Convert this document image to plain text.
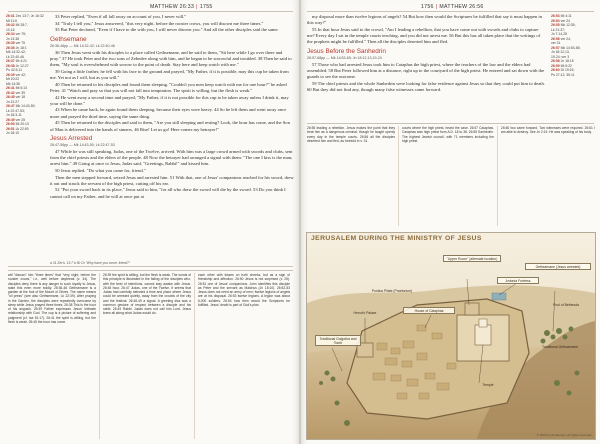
MATTHEW 26:33 | 1755
26:31 Zec 13:7; Jn 16:32
Mt 11:6
26:32 Mt 28:7,
10,16
26:34 ver 75;
Jn 13:38
26:35 ver 75
26:36 Jn 18:1
Mk 14:32-42;
Lk 22:40-46
26:37 Mt 4:21
26:38 Jn 12:27
Ps 42:5,11
26:39 ver 42;
Mt 20:22
Mk 14:36
26:41 Mt 6:13
26:42 ver 39
26:45 ver 18
Jn 12:27
26:47 Mk 14:43-50;
Lk 22:47-53;
Jn 18:3-11
26:49 ver 25
26:50 Mt 20:13
26:51 Lk 22:50
Jn 18:10

33 Peter replied, "Even if all fall away on account of you, I never will."

34 "Truly I tell you," Jesus answered, "this very night, before the rooster crows, you will disown me three times."

35 But Peter declared, "Even if I have to die with you, I will never disown you." And all the other disciples said the same.

Gethsemane
26:36-46pp — Mk 14:32-42; Lk 22:40-46

36 Then Jesus went with his disciples to a place called Gethsemane, and he said to them, "Sit here while I go over there and pray." 37 He took Peter and the two sons of Zebedee along with him, and he began to be sorrowful and troubled. 38 Then he said to them, "My soul is overwhelmed with sorrow to the point of death. Stay here and keep watch with me."

39 Going a little farther, he fell with his face to the ground and prayed, "My Father, if it is possible, may this cup be taken from me. Yet not as I will, but as you will."

40 Then he returned to his disciples and found them sleeping. "Couldn't you men keep watch with me for one hour?" he asked Peter. 41 "Watch and pray so that you will not fall into temptation. The spirit is willing, but the flesh is weak."

42 He went away a second time and prayed, "My Father, if it is not possible for this cup to be taken away unless I drink it, may your will be done."

43 When he came back, he again found them sleeping, because their eyes were heavy. 44 So he left them and went away once more and prayed the third time, saying the same thing.

45 Then he returned to the disciples and said to them, "Are you still sleeping and resting? Look, the hour has come, and the Son of Man is delivered into the hands of sinners. 46 Rise! Let us go! Here comes my betrayer!"

Jesus Arrested
26:47-56pp — Mk 14:43-50; Lk 22:47-53

47 While he was still speaking, Judas, one of the Twelve, arrived. With him was a large crowd armed with swords and clubs, sent from the chief priests and the elders of the people. 48 Now the betrayer had arranged a signal with them: "The one I kiss is the man; arrest him." 49 Going at once to Jesus, Judas said, "Greetings, Rabbi!" and kissed him.

50 Jesus replied, "Do what you came for, friend."

Then the men stepped forward, seized Jesus and arrested him. 51 With that, one of Jesus' companions reached for his sword, drew it out and struck the servant of the high priest, cutting off his ear.

52 "Put your sword back in its place," Jesus said to him, "for all who draw the sword will die by the sword. 53 Do you think I cannot call on my Father, and he will at once put at

a 31 Zech. 13:7 b 50 Or "Why have you come, friend?"
will "disown" him "three times" that "very night, before the rooster crows," i.e., well before daybreak (v. 34). The disciples deny there is any danger to such loyalty to Jesus, state this even more boldly. 26:36-46 Gethsemane is a garden at the foot of the Mount of Olives. The name means "oil press" (see also Gethsemane, Lk 22:39). After praying in the Garden, the disciples were repeatedly overcome by sleep while Jesus prayed three times. 26:38 This is the hour of his anguish. 26:39 Father expresses Jesus' intimate relationship with God. The cup is a picture of suffering and judgment (cf. Isa 51:17). 26:41 the spirit is willing, but the flesh is weak. 26:45 the hour has come.
26:39 the spirit is willing, but the flesh is weak. The words of this principle is illustrated in the failing of the disciples who, with the best of intentions, cannot stay awake with Jesus. 26:45 hour. 26:47 Judas, one of the Twelve. It seems that Judas had carefully selected a time and place where Jesus could be arrested quietly, away from the crowds of the city and the festival. 26:48-49 a signal. A greeting kiss was a common gesture of respect between a disciple and his rabbi. 26:49 Rabbi. Judas does not call him Lord. Jesus knew all along what Judas would do.
each other with kisses on both cheeks, but as a sign of friendship and affection. 26:50 Jesus is not surprised (v. 25). 26:51 one of Jesus' companions. John identifies this disciple as Peter and the servant as Malchus (Jn 18:10). 26:52-53 Jesus does not need an army of men; twelve legions of angels are at his disposal. 26:53 twelve legions. A legion was about 6,000 soldiers. 26:54 how then would the Scriptures be fulfilled. Jesus' death is part of God's plan.
1756 | MATTHEW 26:56

my disposal more than twelve legions of angels? 54 But how then would the Scriptures be fulfilled that say it must happen in this way?"

55 In that hour Jesus said to the crowd, "Am I leading a rebellion, that you have come out with swords and clubs to capture me? Every day I sat in the temple courts teaching, and you did not arrest me. 56 But this has all taken place that the writings of the prophets might be fulfilled." Then all the disciples deserted him and fled.

Jesus Before the Sanhedrin
26:57-68pp — Mk 14:53-65; Jn 18:12,13,19-24

57 Those who had arrested Jesus took him to Caiaphas the high priest, where the teachers of the law and the elders had assembled. 58 But Peter followed him at a distance, right up to the courtyard of the high priest. He entered and sat down with the guards to see the outcome.

59 The chief priests and the whole Sanhedrin were looking for false evidence against Jesus so that they could put him to death. 60 But they did not find any, though many false witnesses came forward.

26:53 Mt 4:11
26:54 ver 24
26:55 Mk 12:35;
Lk 21:37;
Jn 7:14,28
26:56 ver 24,
ver 31
26:57 Mk 14:53-65;
Jn 18:12,13,
19-24; ver 3
26:58 Jn 18:15
26:59 Mt 5:22
26:60 Dt 19:15;
Ps 27:12; 35:11
26:55 leading a rebellion. Jesus makes the point that they treat him as a dangerous criminal, though he taught openly every day in the temple courts. 26:56 all the disciples deserted him and fled, as foretold in v. 31.
courts where the high priest, heard the case. 26:57 Caiaphas. Caiaphas was high priest from A.D. 18 to 36. 26:59 Sanhedrin. The highest Jewish council, with 71 members including the high priest.
26:60 two came forward. Two witnesses were required. 26:61 I am able to destroy. See Jn 2:19. He was speaking of his body.
JERUSALEM DURING THE MINISTRY OF JESUS
"Upper Room" (alternate location)
Gethsemane (Jesus arrested)
Antonia Fortress
Herod's Palace
House of Caiaphas
Pool of Bethesda
Traditional Gethsemane
Temple
Traditional Golgotha and Tomb
Pontius Pilate (Praetorium)
© 2019 by Zondervan. All rights reserved.
